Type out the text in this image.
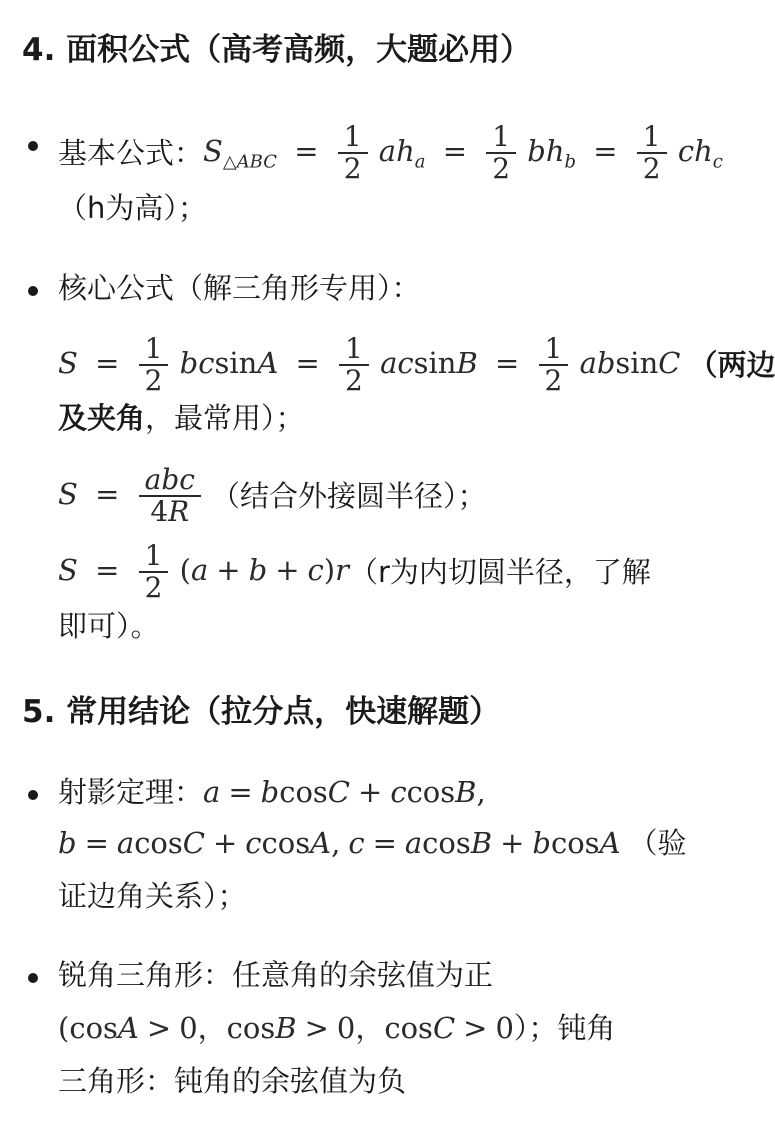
4. 面积公式（高考高频，大题必用）
基本公式： $S_{\triangle ABC} = \frac{1}{2} ah_a = \frac{1}{2} bh_b = \frac{1}{2} ch_c$
（h为高）；
核心公式（解三角形专用）：
$S = \frac{1}{2}$ $bcsinA = \frac{1}{2}$ $acsinB = \frac{1}{2}$ absinC （两边
及夹角 ，最常用）；
$S = \frac{\text{abc}}{4R}$ （结合外接圆半径）；
$S = \frac{1}{2} (a + b + c)r$ （r为内切圆半径，了解
即可）。
5. 常用结论（拉分点，快速解题）
射影定理： a = bcosC + ccosB,
b = acosC + ccosA, c = acosB + bcosA （验
证边角关系）；
锐角三角形：任意角的余弦值为正
(cosA > 0，cosB > 0，cosC > 0 ）；钝角
三角形：钝角的余弦值为负
